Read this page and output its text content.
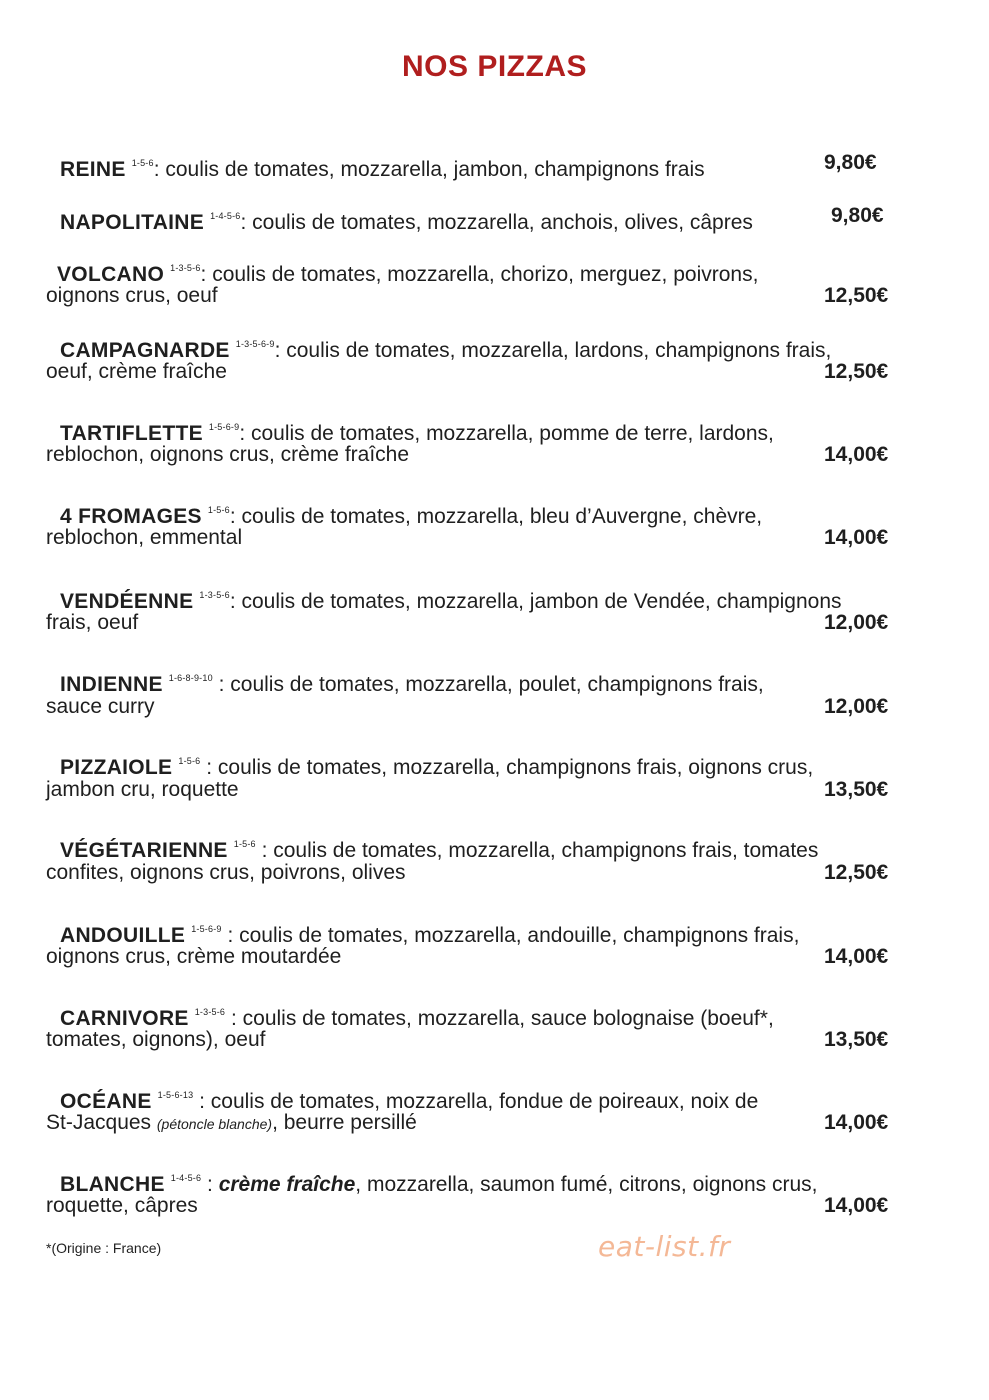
NOS PIZZAS
REINE $^{1-5-6}$: coulis de tomates, mozzarella, jambon, champignons frais	9,80€
NAPOLITAINE $^{1-4-5-6}$: coulis de tomates, mozzarella, anchois, olives, câpres	9,80€
VOLCANO $^{1-3-5-6}$: coulis de tomates, mozzarella, chorizo, merguez, poivrons,
oignons crus, oeuf	12,50€
CAMPAGNARDE $^{1-3-5-6-9}$: coulis de tomates, mozzarella, lardons, champignons frais,
oeuf, crème fraîche	12,50€
TARTIFLETTE $^{1-5-6-9}$: coulis de tomates, mozzarella, pomme de terre, lardons,
reblochon, oignons crus, crème fraîche	14,00€
4 FROMAGES $^{1-5-6}$: coulis de tomates, mozzarella, bleu d’Auvergne, chèvre,
reblochon, emmental	14,00€
VENDÉENNE $^{1-3-5-6}$: coulis de tomates, mozzarella, jambon de Vendée, champignons
frais, oeuf	12,00€
INDIENNE $^{1-6-8-9-10}$ : coulis de tomates, mozzarella, poulet, champignons frais,
sauce curry	12,00€
PIZZAIOLE $^{1-5-6}$ : coulis de tomates, mozzarella, champignons frais, oignons crus,
jambon cru, roquette	13,50€
VÉGÉTARIENNE $^{1-5-6}$ : coulis de tomates, mozzarella, champignons frais, tomates
confites, oignons crus, poivrons, olives	12,50€
ANDOUILLE $^{1-5-6-9}$ : coulis de tomates, mozzarella, andouille, champignons frais,
oignons crus, crème moutardée	14,00€
CARNIVORE $^{1-3-5-6}$ : coulis de tomates, mozzarella, sauce bolognaise (boeuf*,
tomates, oignons), oeuf	13,50€
OCÉANE $^{1-5-6-13}$ : coulis de tomates, mozzarella, fondue de poireaux, noix de
St-Jacques (pétoncle blanche), beurre persillé	14,00€
BLANCHE $^{1-4-5-6}$ : crème fraîche, mozzarella, saumon fumé, citrons, oignons crus,
roquette, câpres	14,00€
*(Origine : France)	eat-list.fr
